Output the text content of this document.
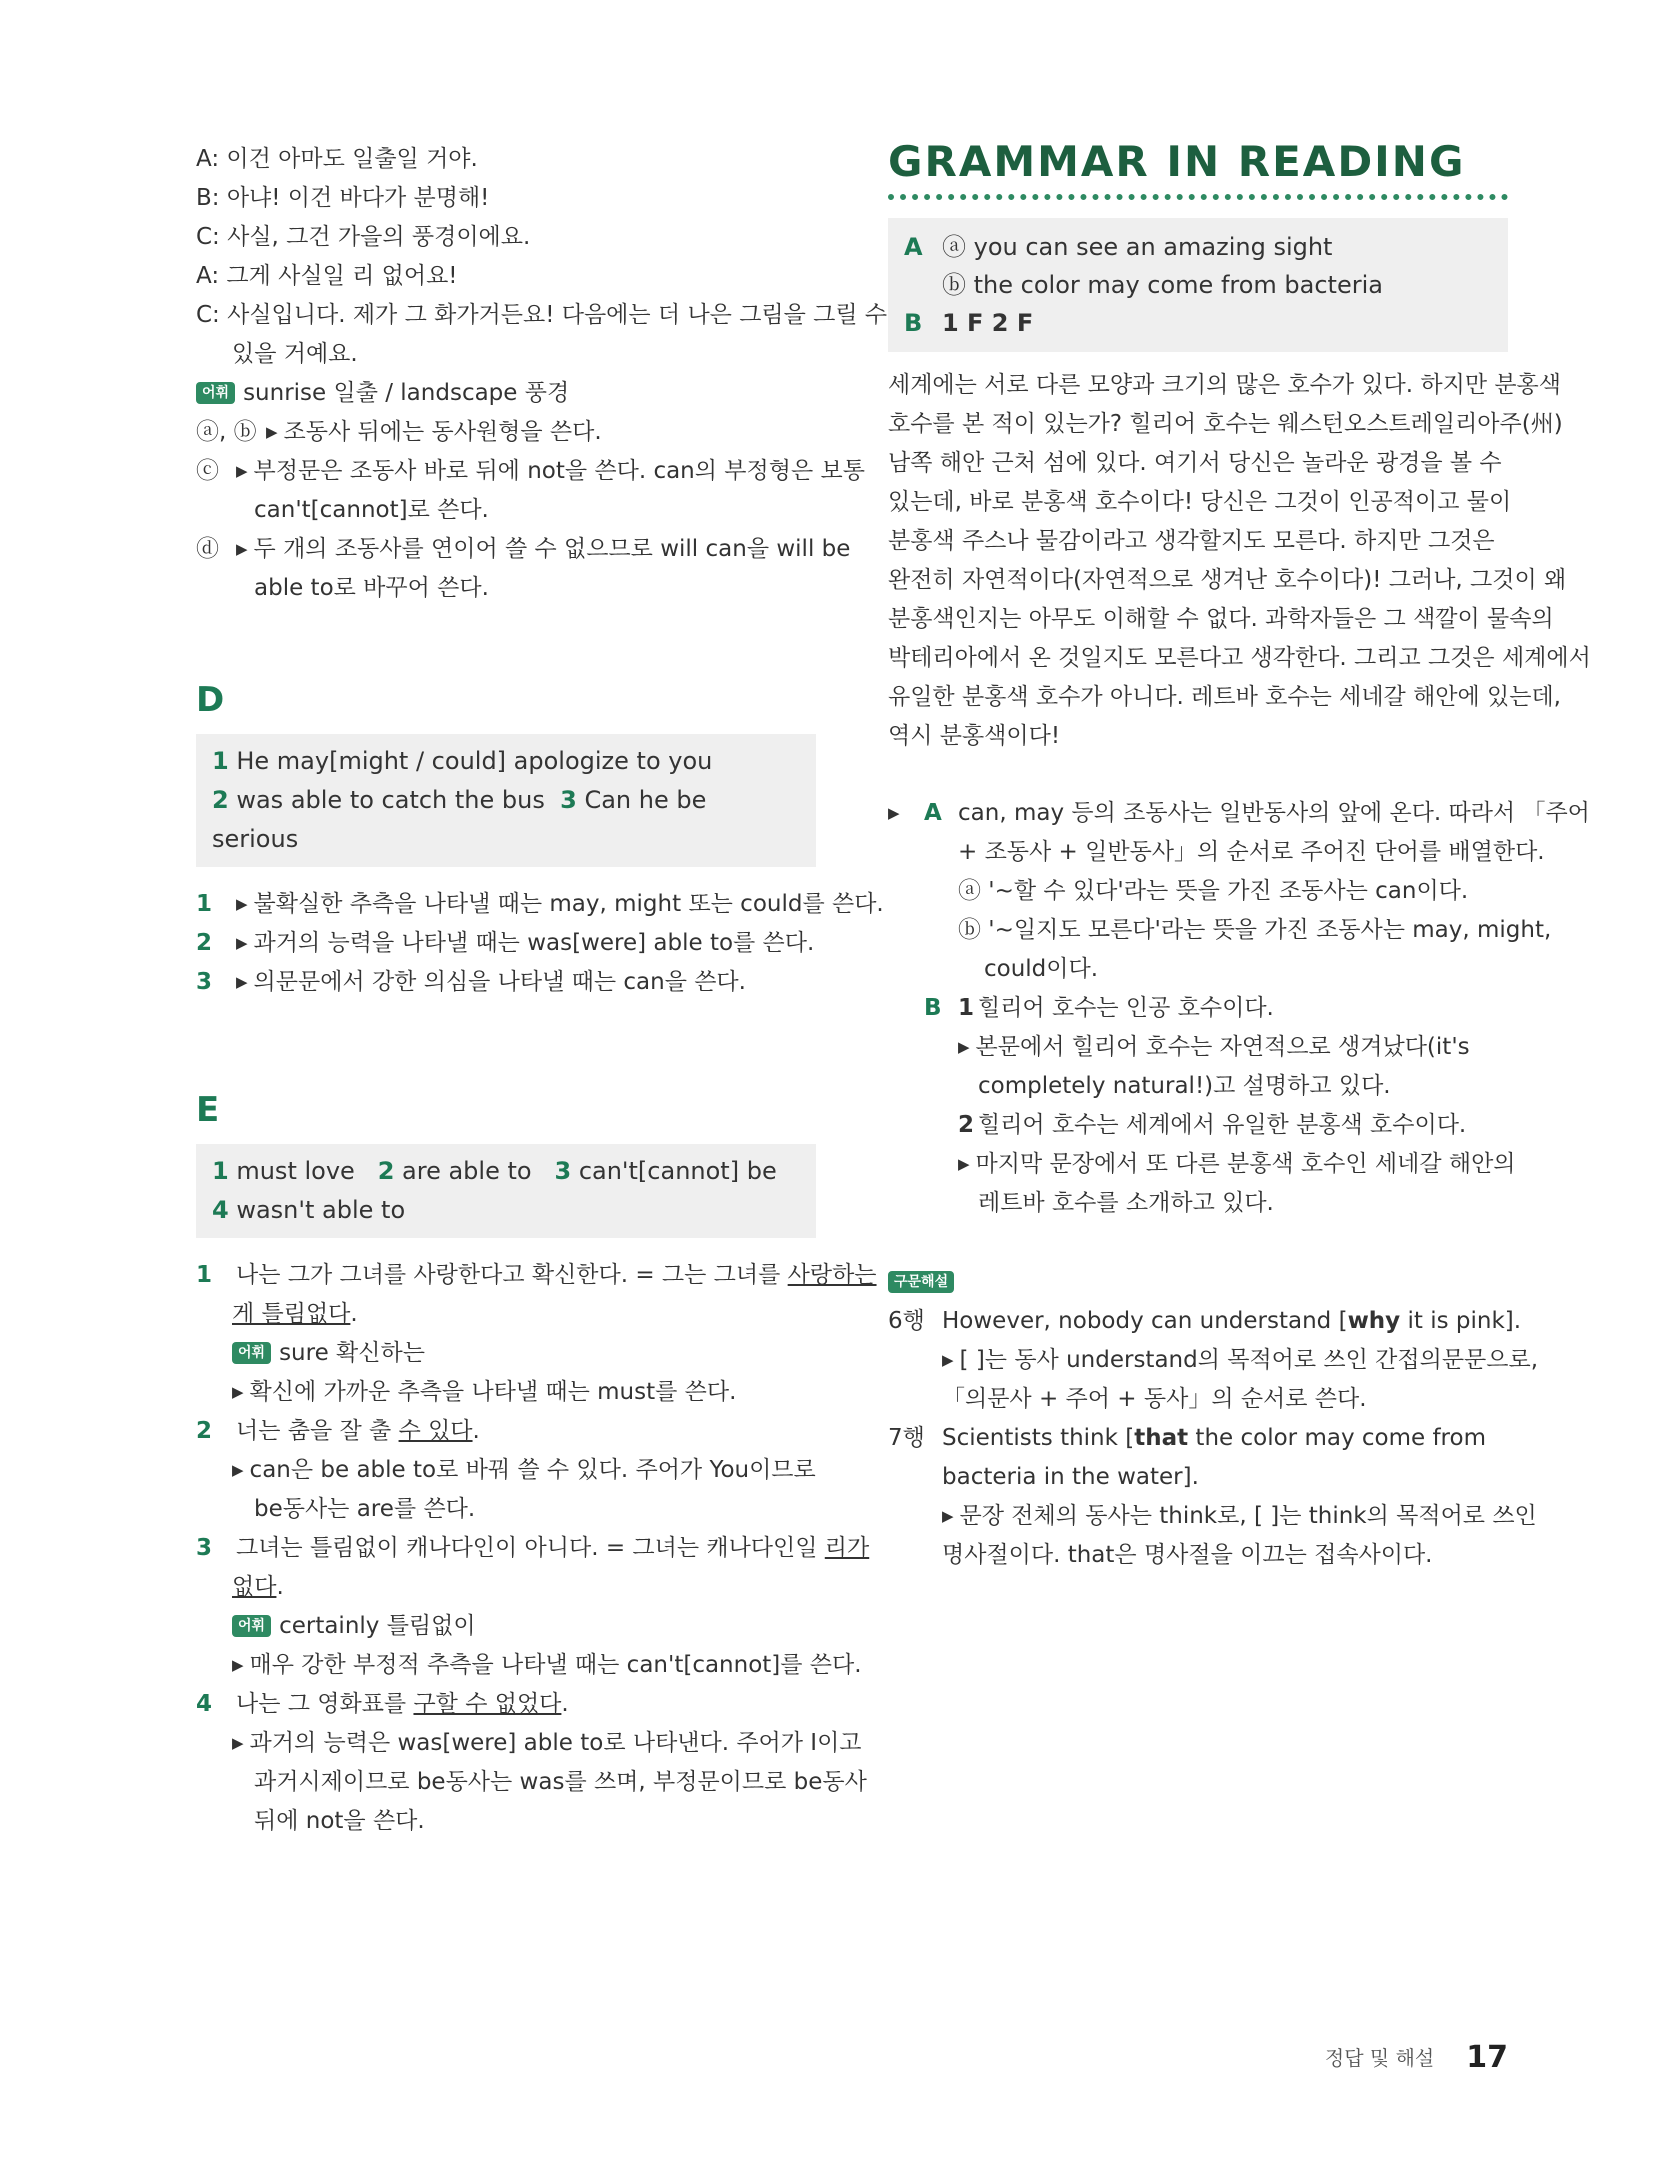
A: 이건 아마도 일출일 거야.
B: 아냐! 이건 바다가 분명해!
C: 사실, 그건 가을의 풍경이에요.
A: 그게 사실일 리 없어요!
C: 사실입니다. 제가 그 화가거든요! 다음에는 더 나은 그림을 그릴 수
있을 거예요.
어휘 sunrise 일출 / landscape 풍경
ⓐ, ⓑ ▶ 조동사 뒤에는 동사원형을 쓴다.
ⓒ ▶ 부정문은 조동사 바로 뒤에 not을 쓴다. can의 부정형은 보통
can't[cannot]로 쓴다.
ⓓ ▶ 두 개의 조동사를 연이어 쓸 수 없으므로 will can을 will be
able to로 바꾸어 쓴다.
D
1 He may[might / could] apologize to you
2 was able to catch the bus 3 Can he be serious
1 ▶ 불확실한 추측을 나타낼 때는 may, might 또는 could를 쓴다.
2 ▶ 과거의 능력을 나타낼 때는 was[were] able to를 쓴다.
3 ▶ 의문문에서 강한 의심을 나타낼 때는 can을 쓴다.
E
1 must love 2 are able to 3 can't[cannot] be
4 wasn't able to
1 나는 그가 그녀를 사랑한다고 확신한다. = 그는 그녀를 사랑하는
게 틀림없다.
어휘 sure 확신하는
▶ 확신에 가까운 추측을 나타낼 때는 must를 쓴다.
2 너는 춤을 잘 출 수 있다.
▶ can은 be able to로 바꿔 쓸 수 있다. 주어가 You이므로
be동사는 are를 쓴다.
3 그녀는 틀림없이 캐나다인이 아니다. = 그녀는 캐나다인일 리가
없다.
어휘 certainly 틀림없이
▶ 매우 강한 부정적 추측을 나타낼 때는 can't[cannot]를 쓴다.
4 나는 그 영화표를 구할 수 없었다.
▶ 과거의 능력은 was[were] able to로 나타낸다. 주어가 I이고
과거시제이므로 be동사는 was를 쓰며, 부정문이므로 be동사
뒤에 not을 쓴다.
GRAMMAR IN READING
A ⓐ you can see an amazing sight
ⓑ the color may come from bacteria
B 1 F 2 F
세계에는 서로 다른 모양과 크기의 많은 호수가 있다. 하지만 분홍색
호수를 본 적이 있는가? 힐리어 호수는 웨스턴오스트레일리아주(州)
남쪽 해안 근처 섬에 있다. 여기서 당신은 놀라운 광경을 볼 수
있는데, 바로 분홍색 호수이다! 당신은 그것이 인공적이고 물이
분홍색 주스나 물감이라고 생각할지도 모른다. 하지만 그것은
완전히 자연적이다(자연적으로 생겨난 호수이다)! 그러나, 그것이 왜
분홍색인지는 아무도 이해할 수 없다. 과학자들은 그 색깔이 물속의
박테리아에서 온 것일지도 모른다고 생각한다. 그리고 그것은 세계에서
유일한 분홍색 호수가 아니다. 레트바 호수는 세네갈 해안에 있는데,
역시 분홍색이다!
▶ A can, may 등의 조동사는 일반동사의 앞에 온다. 따라서 「주어
+ 조동사 + 일반동사」의 순서로 주어진 단어를 배열한다.
ⓐ '~할 수 있다'라는 뜻을 가진 조동사는 can이다.
ⓑ '~일지도 모른다'라는 뜻을 가진 조동사는 may, might,
could이다.
B 1 힐리어 호수는 인공 호수이다.
▶ 본문에서 힐리어 호수는 자연적으로 생겨났다(it's
completely natural!)고 설명하고 있다.
2 힐리어 호수는 세계에서 유일한 분홍색 호수이다.
▶ 마지막 문장에서 또 다른 분홍색 호수인 세네갈 해안의
레트바 호수를 소개하고 있다.
구문해설
6행 However, nobody can understand [why it is pink].
▶ [ ]는 동사 understand의 목적어로 쓰인 간접의문문으로,
「의문사 + 주어 + 동사」의 순서로 쓴다.
7행 Scientists think [that the color may come from
bacteria in the water].
▶ 문장 전체의 동사는 think로, [ ]는 think의 목적어로 쓰인
명사절이다. that은 명사절을 이끄는 접속사이다.
정답 및 해설 17
